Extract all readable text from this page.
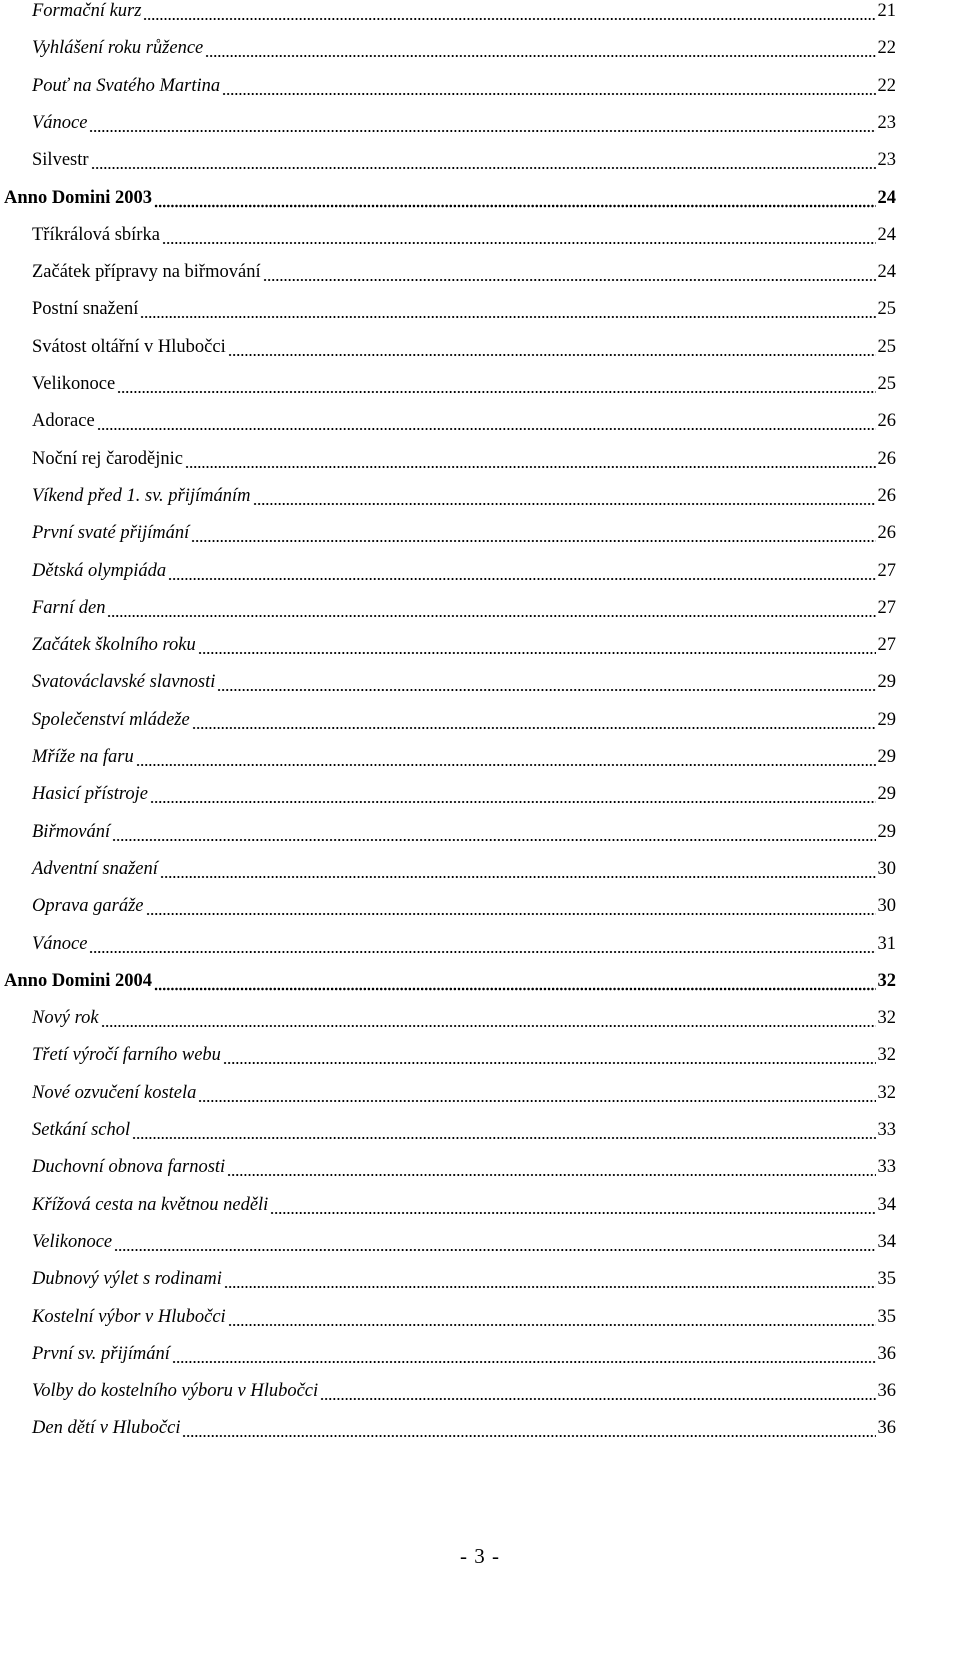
Formační kurz	21
Vyhlášení roku růžence	22
Pouť na Svatého Martina	22
Vánoce	23
Silvestr	23
Anno Domini 2003	24
Tříkrálová sbírka	24
Začátek přípravy na biřmování	24
Postní snažení	25
Svátost oltářní v Hlubočci	25
Velikonoce	25
Adorace	26
Noční rej čarodějnic	26
Víkend před 1. sv. přijímáním	26
První svaté přijímání	26
Dětská olympiáda	27
Farní den	27
Začátek školního roku	27
Svatováclavské slavnosti	29
Společenství mládeže	29
Mříže na faru	29
Hasicí přístroje	29
Biřmování	29
Adventní snažení	30
Oprava garáže	30
Vánoce	31
Anno Domini 2004	32
Nový rok	32
Třetí výročí farního webu	32
Nové ozvučení kostela	32
Setkání schol	33
Duchovní obnova farnosti	33
Křížová cesta na květnou neděli	34
Velikonoce	34
Dubnový výlet s rodinami	35
Kostelní výbor v Hlubočci	35
První sv. přijímání	36
Volby do kostelního výboru v Hlubočci	36
Den dětí v Hlubočci	36
- 3 -
